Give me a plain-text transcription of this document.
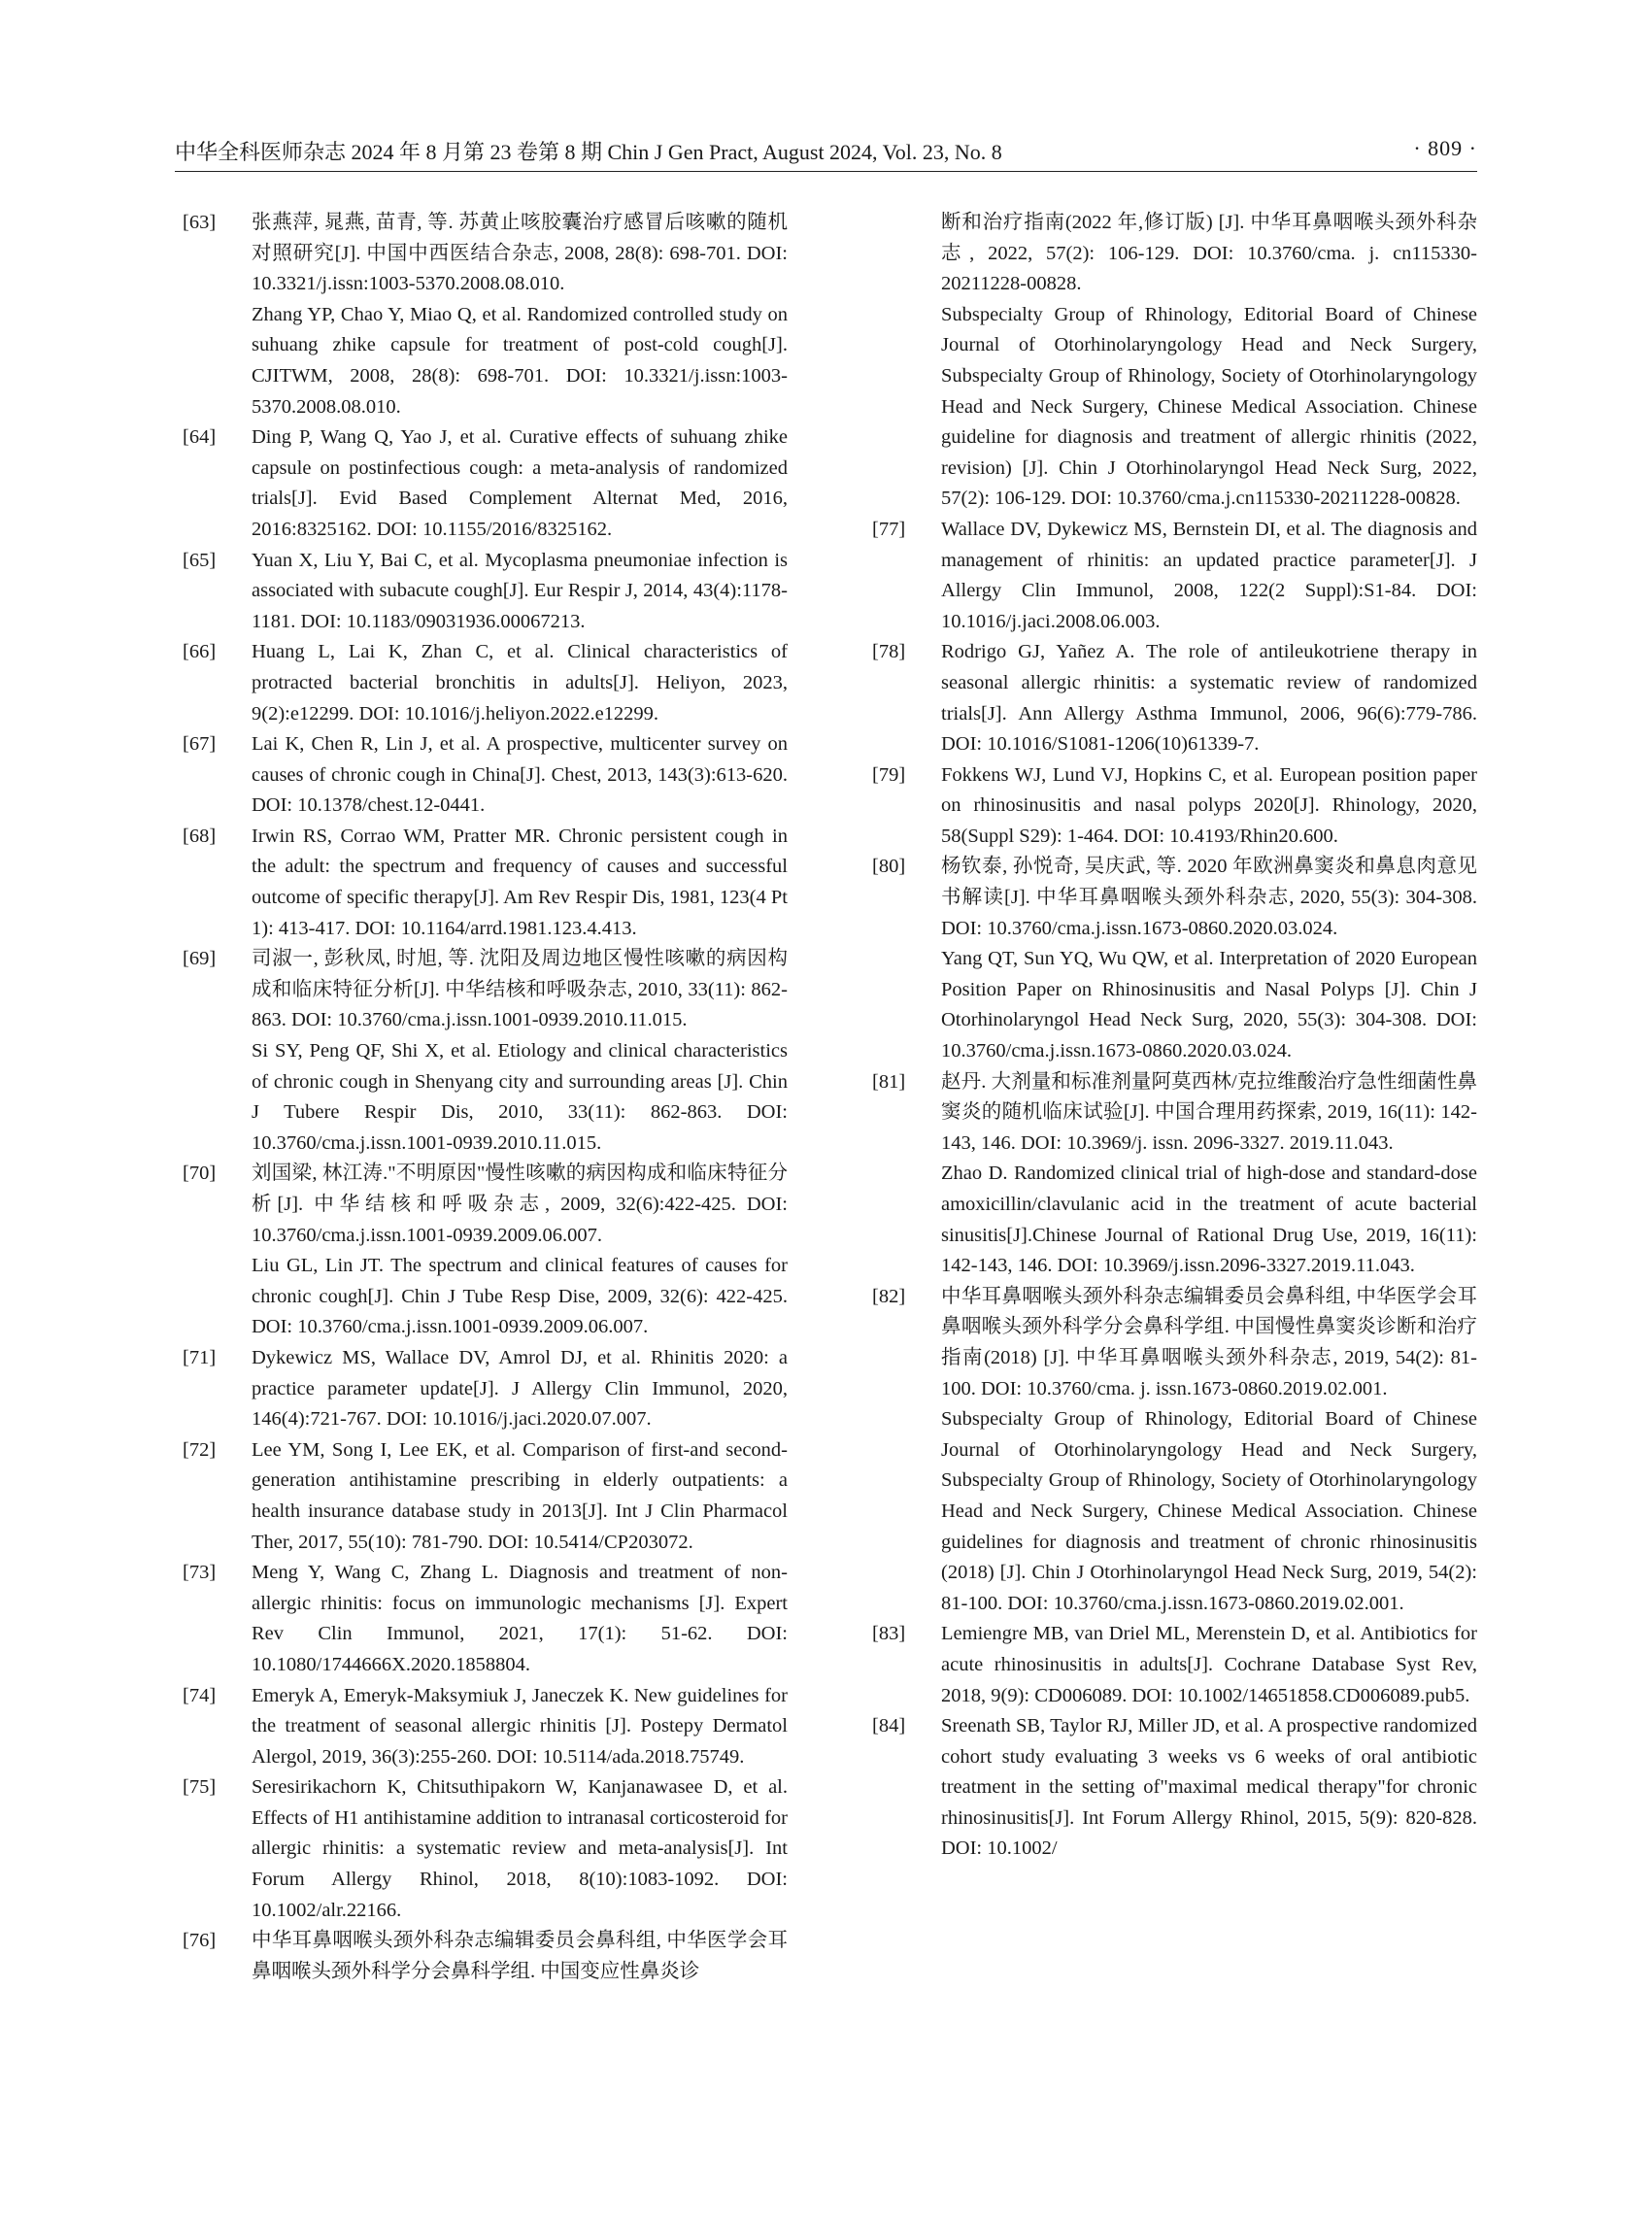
中华全科医师杂志 2024 年 8 月第 23 卷第 8 期 Chin J Gen Pract, August 2024, Vol. 23, No. 8	· 809 ·
[63] 张燕萍, 晁燕, 苗青, 等. 苏黄止咳胶囊治疗感冒后咳嗽的随机对照研究[J]. 中国中西医结合杂志, 2008, 28(8): 698-701. DOI: 10.3321/j.issn:1003-5370.2008.08.010.
Zhang YP, Chao Y, Miao Q, et al. Randomized controlled study on suhuang zhike capsule for treatment of post-cold cough[J]. CJITWM, 2008, 28(8): 698-701. DOI: 10.3321/j.issn:1003-5370.2008.08.010.
[64] Ding P, Wang Q, Yao J, et al. Curative effects of suhuang zhike capsule on postinfectious cough: a meta-analysis of randomized trials[J]. Evid Based Complement Alternat Med, 2016, 2016:8325162. DOI: 10.1155/2016/8325162.
[65] Yuan X, Liu Y, Bai C, et al. Mycoplasma pneumoniae infection is associated with subacute cough[J]. Eur Respir J, 2014, 43(4):1178-1181. DOI: 10.1183/09031936.00067213.
[66] Huang L, Lai K, Zhan C, et al. Clinical characteristics of protracted bacterial bronchitis in adults[J]. Heliyon, 2023, 9(2):e12299. DOI: 10.1016/j.heliyon.2022.e12299.
[67] Lai K, Chen R, Lin J, et al. A prospective, multicenter survey on causes of chronic cough in China[J]. Chest, 2013, 143(3):613-620. DOI: 10.1378/chest.12-0441.
[68] Irwin RS, Corrao WM, Pratter MR. Chronic persistent cough in the adult: the spectrum and frequency of causes and successful outcome of specific therapy[J]. Am Rev Respir Dis, 1981, 123(4 Pt 1): 413-417. DOI: 10.1164/arrd.1981.123.4.413.
[69] 司淑一, 彭秋凤, 时旭, 等. 沈阳及周边地区慢性咳嗽的病因构成和临床特征分析[J]. 中华结核和呼吸杂志, 2010, 33(11): 862-863. DOI: 10.3760/cma.j.issn.1001-0939.2010.11.015.
Si SY, Peng QF, Shi X, et al. Etiology and clinical characteristics of chronic cough in Shenyang city and surrounding areas [J]. Chin J Tubere Respir Dis, 2010, 33(11): 862-863. DOI: 10.3760/cma.j.issn.1001-0939.2010.11.015.
[70] 刘国梁, 林江涛."不明原因"慢性咳嗽的病因构成和临床特征分析[J]. 中华结核和呼吸杂志, 2009, 32(6):422-425. DOI: 10.3760/cma.j.issn.1001-0939.2009.06.007.
Liu GL, Lin JT. The spectrum and clinical features of causes for chronic cough[J]. Chin J Tube Resp Dise, 2009, 32(6): 422-425. DOI: 10.3760/cma.j.issn.1001-0939.2009.06.007.
[71] Dykewicz MS, Wallace DV, Amrol DJ, et al. Rhinitis 2020: a practice parameter update[J]. J Allergy Clin Immunol, 2020, 146(4):721-767. DOI: 10.1016/j.jaci.2020.07.007.
[72] Lee YM, Song I, Lee EK, et al. Comparison of first-and second-generation antihistamine prescribing in elderly outpatients: a health insurance database study in 2013[J]. Int J Clin Pharmacol Ther, 2017, 55(10): 781-790. DOI: 10.5414/CP203072.
[73] Meng Y, Wang C, Zhang L. Diagnosis and treatment of non-allergic rhinitis: focus on immunologic mechanisms [J]. Expert Rev Clin Immunol, 2021, 17(1): 51-62. DOI: 10.1080/1744666X.2020.1858804.
[74] Emeryk A, Emeryk-Maksymiuk J, Janeczek K. New guidelines for the treatment of seasonal allergic rhinitis [J]. Postepy Dermatol Alergol, 2019, 36(3):255-260. DOI: 10.5114/ada.2018.75749.
[75] Seresirikachorn K, Chitsuthipakorn W, Kanjanawasee D, et al. Effects of H1 antihistamine addition to intranasal corticosteroid for allergic rhinitis: a systematic review and meta-analysis[J]. Int Forum Allergy Rhinol, 2018, 8(10):1083-1092. DOI: 10.1002/alr.22166.
[76] 中华耳鼻咽喉头颈外科杂志编辑委员会鼻科组, 中华医学会耳鼻咽喉头颈外科学分会鼻科学组. 中国变应性鼻炎诊
断和治疗指南(2022 年,修订版) [J]. 中华耳鼻咽喉头颈外科杂志, 2022, 57(2): 106-129. DOI: 10.3760/cma. j. cn115330-20211228-00828.
Subspecialty Group of Rhinology, Editorial Board of Chinese Journal of Otorhinolaryngology Head and Neck Surgery, Subspecialty Group of Rhinology, Society of Otorhinolaryngology Head and Neck Surgery, Chinese Medical Association. Chinese guideline for diagnosis and treatment of allergic rhinitis (2022, revision) [J]. Chin J Otorhinolaryngol Head Neck Surg, 2022, 57(2): 106-129. DOI: 10.3760/cma.j.cn115330-20211228-00828.
[77] Wallace DV, Dykewicz MS, Bernstein DI, et al. The diagnosis and management of rhinitis: an updated practice parameter[J]. J Allergy Clin Immunol, 2008, 122(2 Suppl):S1-84. DOI: 10.1016/j.jaci.2008.06.003.
[78] Rodrigo GJ, Yañez A. The role of antileukotriene therapy in seasonal allergic rhinitis: a systematic review of randomized trials[J]. Ann Allergy Asthma Immunol, 2006, 96(6):779-786. DOI: 10.1016/S1081-1206(10)61339-7.
[79] Fokkens WJ, Lund VJ, Hopkins C, et al. European position paper on rhinosinusitis and nasal polyps 2020[J]. Rhinology, 2020, 58(Suppl S29): 1-464. DOI: 10.4193/Rhin20.600.
[80] 杨钦泰, 孙悦奇, 吴庆武, 等. 2020 年欧洲鼻窦炎和鼻息肉意见书解读[J]. 中华耳鼻咽喉头颈外科杂志, 2020, 55(3): 304-308. DOI: 10.3760/cma.j.issn.1673-0860.2020.03.024.
Yang QT, Sun YQ, Wu QW, et al. Interpretation of 2020 European Position Paper on Rhinosinusitis and Nasal Polyps [J]. Chin J Otorhinolaryngol Head Neck Surg, 2020, 55(3): 304-308. DOI: 10.3760/cma.j.issn.1673-0860.2020.03.024.
[81] 赵丹. 大剂量和标准剂量阿莫西林/克拉维酸治疗急性细菌性鼻窦炎的随机临床试验[J]. 中国合理用药探索, 2019, 16(11): 142-143, 146. DOI: 10.3969/j. issn. 2096-3327. 2019.11.043.
Zhao D. Randomized clinical trial of high-dose and standard-dose amoxicillin/clavulanic acid in the treatment of acute bacterial sinusitis[J].Chinese Journal of Rational Drug Use, 2019, 16(11): 142-143, 146. DOI: 10.3969/j.issn.2096-3327.2019.11.043.
[82] 中华耳鼻咽喉头颈外科杂志编辑委员会鼻科组, 中华医学会耳鼻咽喉头颈外科学分会鼻科学组. 中国慢性鼻窦炎诊断和治疗指南(2018) [J]. 中华耳鼻咽喉头颈外科杂志, 2019, 54(2): 81-100. DOI: 10.3760/cma. j. issn.1673-0860.2019.02.001.
Subspecialty Group of Rhinology, Editorial Board of Chinese Journal of Otorhinolaryngology Head and Neck Surgery, Subspecialty Group of Rhinology, Society of Otorhinolaryngology Head and Neck Surgery, Chinese Medical Association. Chinese guidelines for diagnosis and treatment of chronic rhinosinusitis (2018) [J]. Chin J Otorhinolaryngol Head Neck Surg, 2019, 54(2): 81-100. DOI: 10.3760/cma.j.issn.1673-0860.2019.02.001.
[83] Lemiengre MB, van Driel ML, Merenstein D, et al. Antibiotics for acute rhinosinusitis in adults[J]. Cochrane Database Syst Rev, 2018, 9(9): CD006089. DOI: 10.1002/14651858.CD006089.pub5.
[84] Sreenath SB, Taylor RJ, Miller JD, et al. A prospective randomized cohort study evaluating 3 weeks vs 6 weeks of oral antibiotic treatment in the setting of"maximal medical therapy"for chronic rhinosinusitis[J]. Int Forum Allergy Rhinol, 2015, 5(9): 820-828. DOI: 10.1002/
